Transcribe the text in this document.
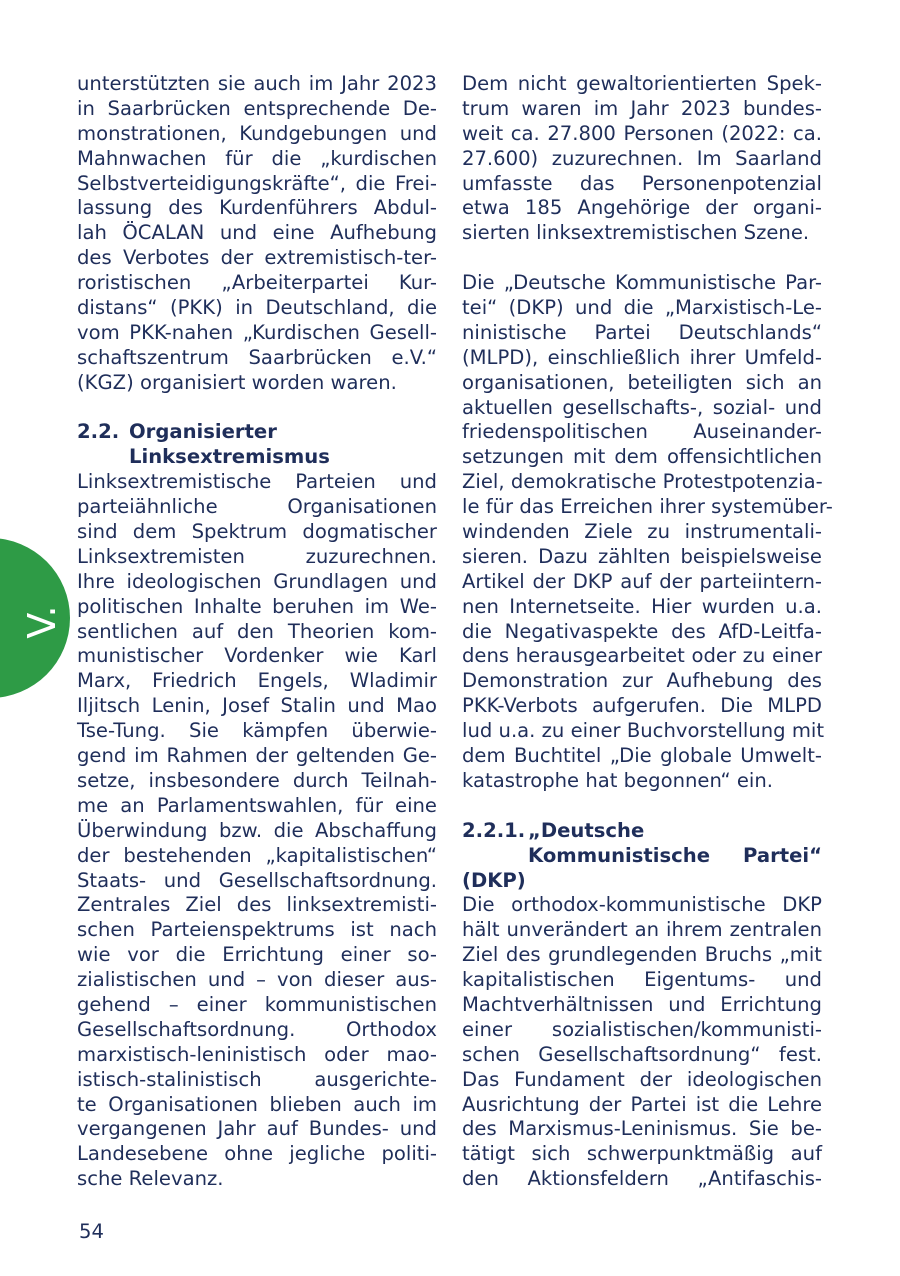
V.
unterstützten sie auch im Jahr 2023
in Saarbrücken entsprechende De-
monstrationen, Kundgebungen und
Mahnwachen für die „kurdischen
Selbstverteidigungskräfte“, die Frei-
lassung des Kurdenführers Abdul-
lah ÖCALAN und eine Aufhebung
des Verbotes der extremistisch-ter-
roristischen „Arbeiterpartei Kur-
distans“ (PKK) in Deutschland, die
vom PKK-nahen „Kurdischen Gesell-
schaftszentrum Saarbrücken e.V.“
(KGZ) organisiert worden waren.
2.2. Organisierter
Linksextremismus
Linksextremistische Parteien und
parteiähnliche Organisationen
sind dem Spektrum dogmatischer
Linksextremisten zuzurechnen.
Ihre ideologischen Grundlagen und
politischen Inhalte beruhen im We-
sentlichen auf den Theorien kom-
munistischer Vordenker wie Karl
Marx, Friedrich Engels, Wladimir
Iljitsch Lenin, Josef Stalin und Mao
Tse-Tung. Sie kämpfen überwie-
gend im Rahmen der geltenden Ge-
setze, insbesondere durch Teilnah-
me an Parlamentswahlen, für eine
Überwindung bzw. die Abschaffung
der bestehenden „kapitalistischen“
Staats- und Gesellschaftsordnung.
Zentrales Ziel des linksextremisti-
schen Parteienspektrums ist nach
wie vor die Errichtung einer so-
zialistischen und – von dieser aus-
gehend – einer kommunistischen
Gesellschaftsordnung. Orthodox
marxistisch-leninistisch oder mao-
istisch-stalinistisch ausgerichte-
te Organisationen blieben auch im
vergangenen Jahr auf Bundes- und
Landesebene ohne jegliche politi-
sche Relevanz.
Dem nicht gewaltorientierten Spek-
trum waren im Jahr 2023 bundes-
weit ca. 27.800 Personen (2022: ca.
27.600) zuzurechnen. Im Saarland
umfasste das Personenpotenzial
etwa 185 Angehörige der organi-
sierten linksextremistischen Szene.
Die „Deutsche Kommunistische Par-
tei“ (DKP) und die „Marxistisch-Le-
ninistische Partei Deutschlands“
(MLPD), einschließlich ihrer Umfeld-
organisationen, beteiligten sich an
aktuellen gesellschafts-, sozial- und
friedenspolitischen Auseinander-
setzungen mit dem offensichtlichen
Ziel, demokratische Protestpotenzia-
le für das Erreichen ihrer systemüber-
windenden Ziele zu instrumentali-
sieren. Dazu zählten beispielsweise
Artikel der DKP auf der parteiintern-
nen Internetseite. Hier wurden u.a.
die Negativaspekte des AfD-Leitfa-
dens herausgearbeitet oder zu einer
Demonstration zur Aufhebung des
PKK-Verbots aufgerufen. Die MLPD
lud u.a. zu einer Buchvorstellung mit
dem Buchtitel „Die globale Umwelt-
katastrophe hat begonnen“ ein.
2.2.1. „Deutsche
Kommunistische Partei“
(DKP)
Die orthodox-kommunistische DKP
hält unverändert an ihrem zentralen
Ziel des grundlegenden Bruchs „mit
kapitalistischen Eigentums- und
Machtverhältnissen und Errichtung
einer sozialistischen/kommunisti-
schen Gesellschaftsordnung“ fest.
Das Fundament der ideologischen
Ausrichtung der Partei ist die Lehre
des Marxismus-Leninismus. Sie be-
tätigt sich schwerpunktmäßig auf
den Aktionsfeldern „Antifaschis-
54
